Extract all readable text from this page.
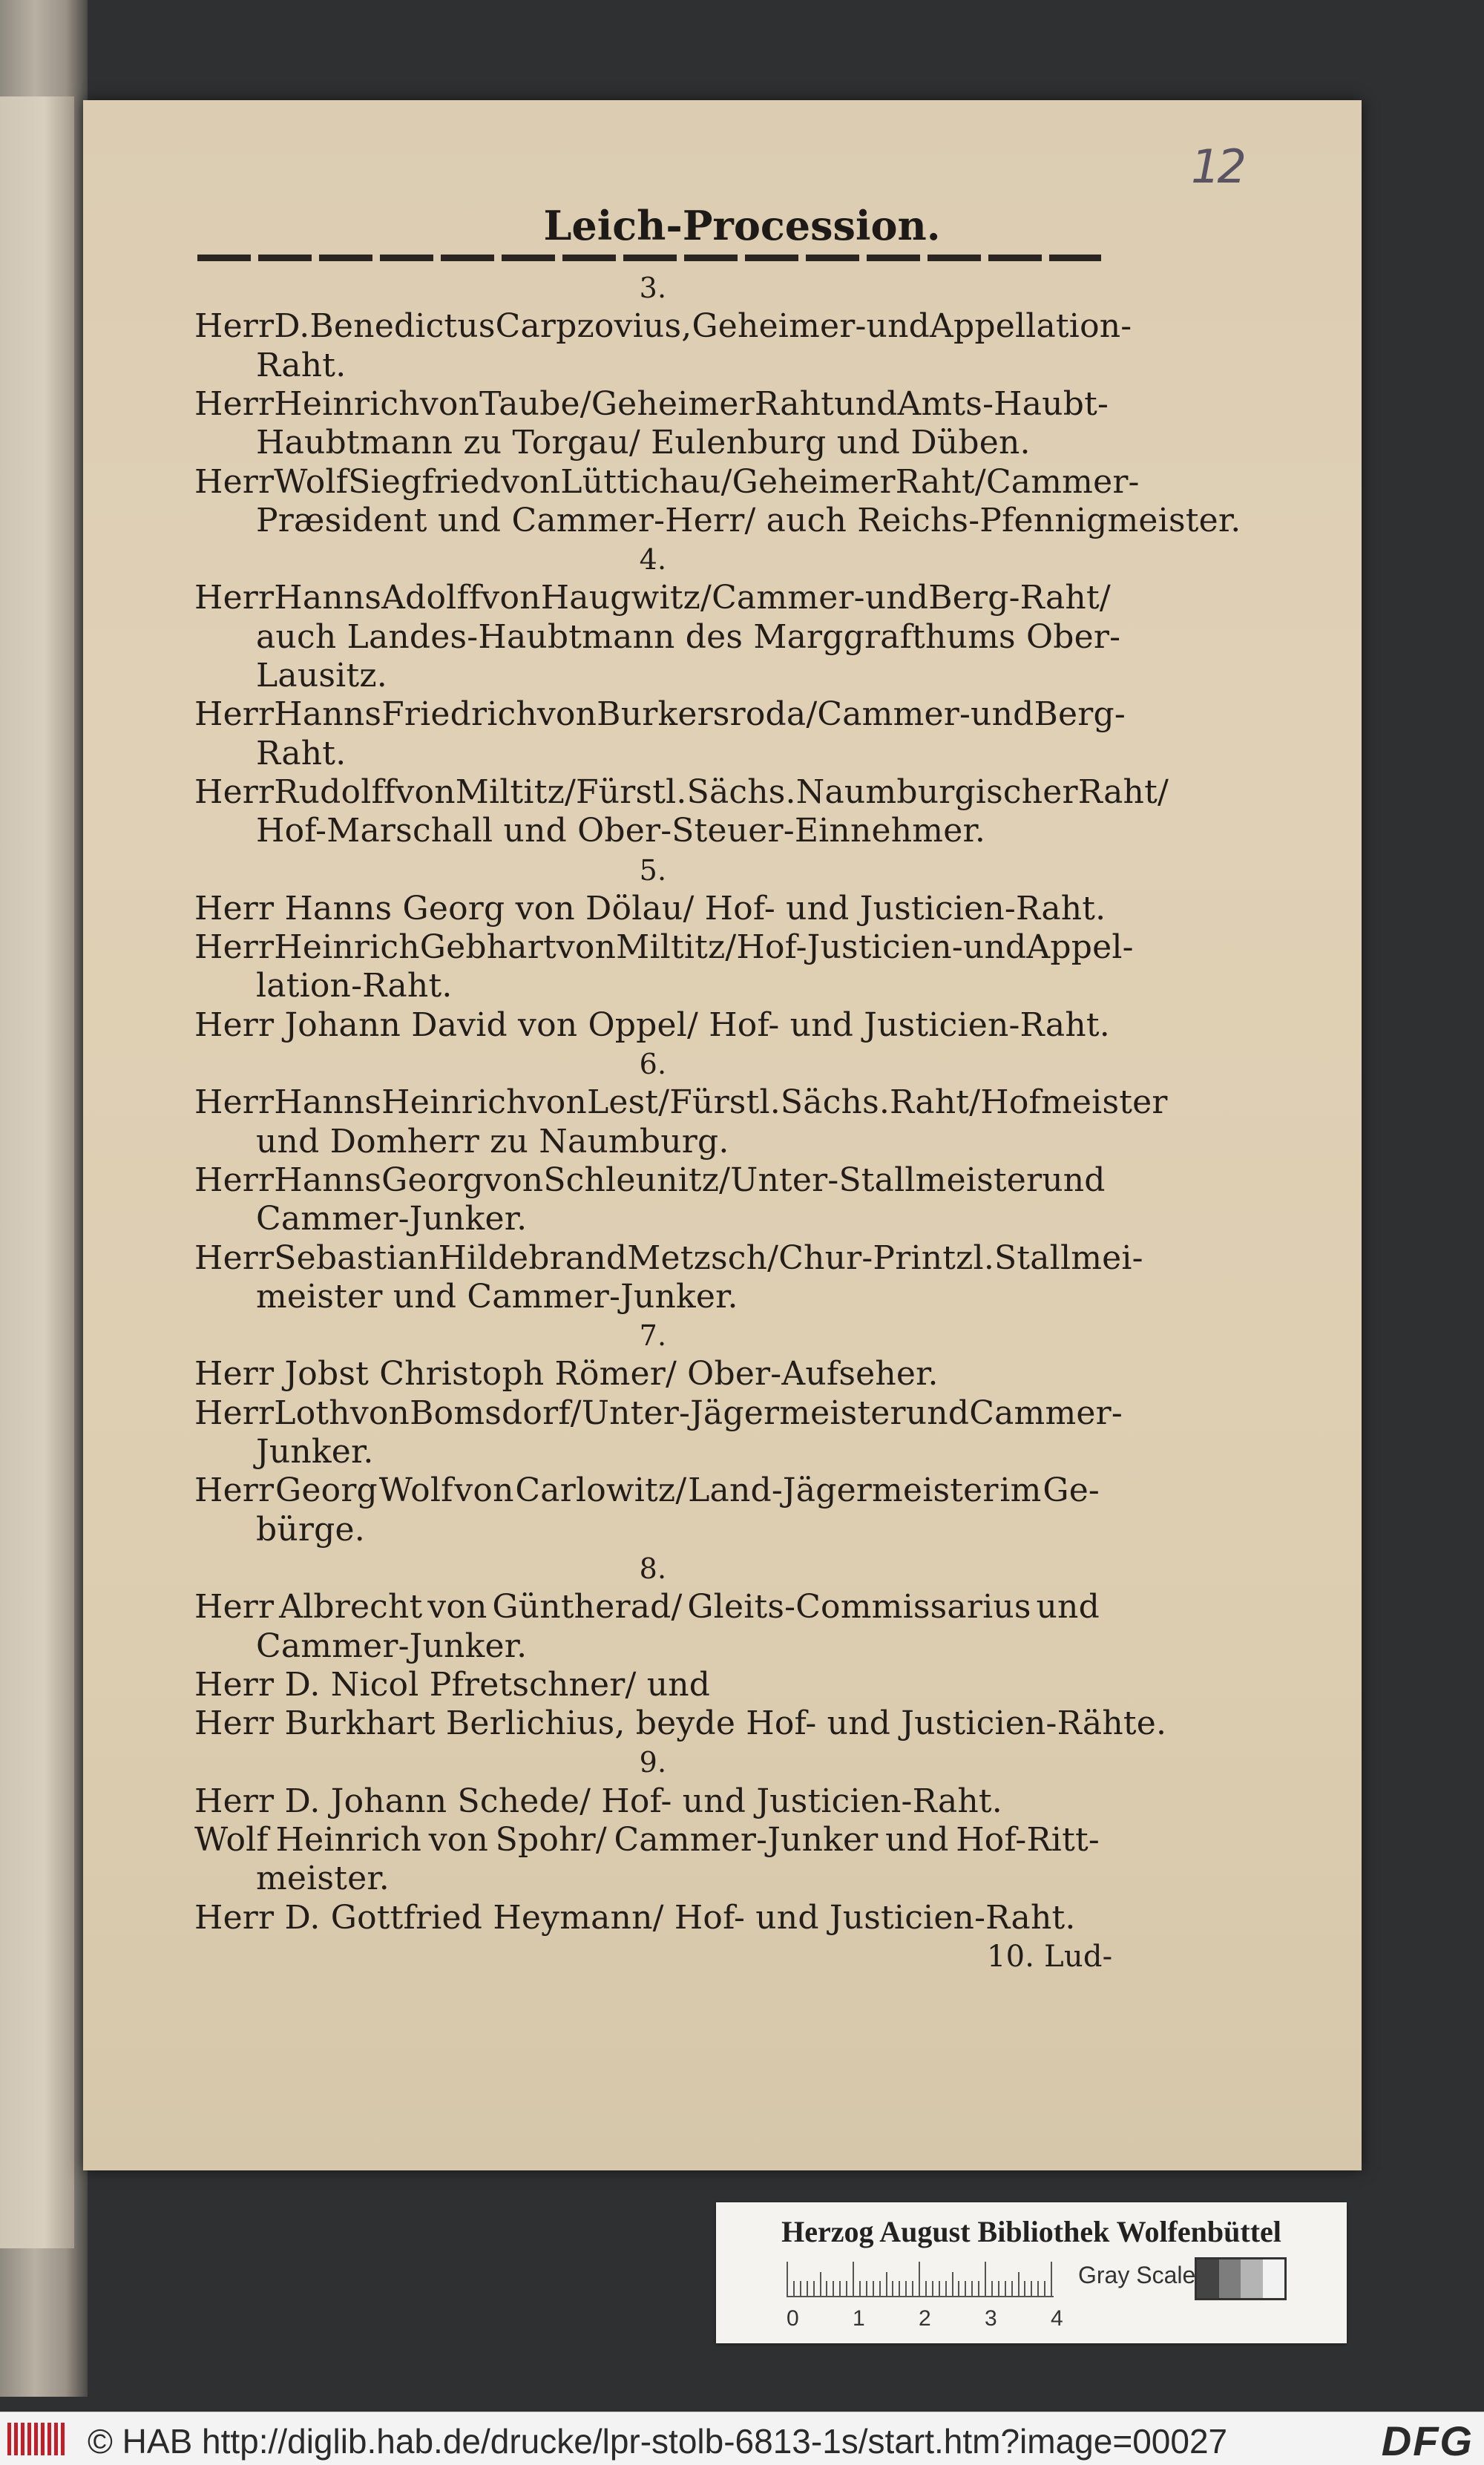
12
Leich-Procession.
3.
Herr D. Benedictus Carpzovius, Geheimer- und Appellation-
Raht.
Herr Heinrich von Taube/ Geheimer Raht und Amts-Haubt-
Haubtmann zu Torgau/ Eulenburg und Düben.
Herr Wolf Siegfried von Lüttichau/ Geheimer Raht/ Cammer-
Præsident und Cammer-Herr/ auch Reichs-Pfennigmeister.
4.
Herr Hanns Adolff von Haugwitz/ Cammer- und Berg-Raht/
auch Landes-Haubtmann des Marggrafthums Ober-
Lausitz.
Herr Hanns Friedrich von Burkersroda/ Cammer- und Berg-
Raht.
Herr Rudolff von Miltitz/ Fürstl. Sächs. Naumburgischer Raht/
Hof-Marschall und Ober-Steuer-Einnehmer.
5.
Herr Hanns Georg von Dölau/ Hof- und Justicien-Raht.
Herr Heinrich Gebhart von Miltitz/ Hof- Justicien- und Appel-
lation-Raht.
Herr Johann David von Oppel/ Hof- und Justicien-Raht.
6.
Herr Hanns Heinrich von Lest/ Fürstl. Sächs. Raht/ Hofmeister
und Domherr zu Naumburg.
Herr Hanns Georg von Schleunitz/ Unter-Stallmeister und
Cammer-Junker.
Herr Sebastian Hildebrand Metzsch/ Chur-Printzl. Stallmei-
meister und Cammer-Junker.
7.
Herr Jobst Christoph Römer/ Ober-Aufseher.
Herr Loth von Bomsdorf/ Unter-Jägermeister und Cammer-
Junker.
Herr Georg Wolf von Carlowitz/ Land-Jägermeister im Ge-
bürge.
8.
Herr Albrecht von Güntherad/ Gleits-Commissarius und
Cammer-Junker.
Herr D. Nicol Pfretschner/ und
Herr Burkhart Berlichius, beyde Hof- und Justicien-Rähte.
9.
Herr D. Johann Schede/ Hof- und Justicien-Raht.
Wolf Heinrich von Spohr/ Cammer-Junker und Hof-Ritt-
meister.
Herr D. Gottfried Heymann/ Hof- und Justicien-Raht.
10. Lud-
Herzog August Bibliothek Wolfenbüttel
0 1 2 3 4
Gray Scale
© HAB http://diglib.hab.de/drucke/lpr-stolb-6813-1s/start.htm?image=00027	DFG
